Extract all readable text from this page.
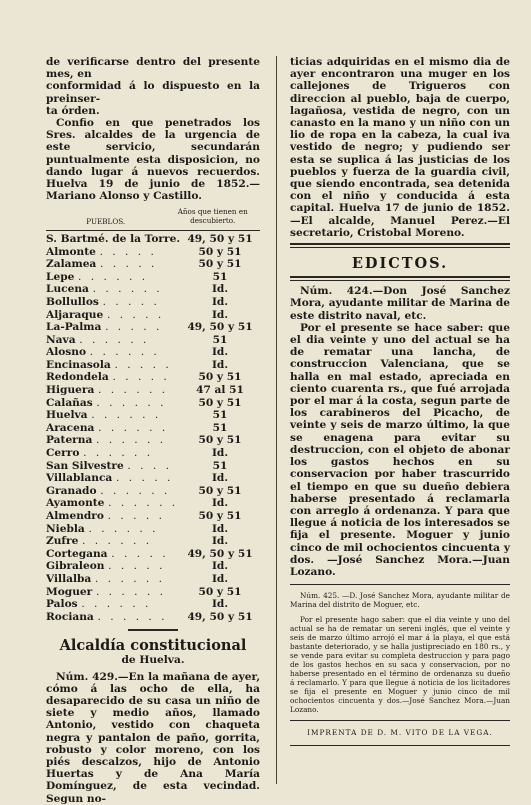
de verificarse dentro del presente mes, en

conformidad á lo dispuesto en la preinser-

ta órden.

Confio en que penetrados los Sres. alcaldes de la urgencia de este servicio, secundarán puntualmente esta disposicion, no dando lugar á nuevos recuerdos. Huelva 19 de junio de 1852.—Mariano Alonso y Castillo.

PUEBLOS.
Años que tienen en descubierto.
S. Bartmé. de la Torre.	49, 50 y 51
Almonte . . . . .	50 y 51
Zalamea . . . . .	50 y 51
Lepe . . . . . .	51
Lucena . . . . . .	Id.
Bollullos . . . . .	Id.
Aljaraque . . . . .	Id.
La-Palma . . . . .	49, 50 y 51
Nava . . . . . .	51
Alosno . . . . . .	Id.
Encinasola . . . . .	Id.
Redondela . . . . .	50 y 51
Higuera . . . . . .	47 al 51
Calañas . . . . . .	50 y 51
Huelva . . . . . .	51
Aracena . . . . . .	51
Paterna . . . . . .	50 y 51
Cerro . . . . . .	Id.
San Silvestre . . . .	51
Villablanca . . . . .	Id.
Granado . . . . . .	50 y 51
Ayamonte . . . . . .	Id.
Almendro . . . . .	50 y 51
Niebla . . . . . .	Id.
Zufre . . . . . .	Id.
Cortegana . . . . .	49, 50 y 51
Gibraleon . . . . .	Id.
Villalba . . . . . .	Id.
Moguer . . . . . .	50 y 51
Palos . . . . . .	Id.
Rociana . . . . . .	49, 50 y 51
Alcaldía constitucional
de Huelva.

Núm. 429.—En la mañana de ayer, cómo á las ocho de ella, ha desaparecido de su casa un niño de siete y medio años, llamado Antonio, vestido con chaqueta negra y pantalon de paño, gorrita, robusto y color moreno, con los piés descalzos, hijo de Antonio Huertas y de Ana María Domínguez, de esta vecindad. Segun no-

ticias adquiridas en el mismo dia de ayer encontraron una muger en los callejones de Trigueros con direccion al pueblo, baja de cuerpo, lagañosa, vestida de negro, con un canasto en la mano y un niño con un lio de ropa en la cabeza, la cual iva vestido de negro; y pudiendo ser esta se suplica á las justicias de los pueblos y fuerza de la guardia civil, que siendo encontrada, sea detenida con el niño y conducida á esta capital. Huelva 17 de junio de 1852.—El alcalde, Manuel Perez.—El secretario, Cristobal Moreno.

EDICTOS.

Núm. 424.—Don José Sanchez Mora, ayudante militar de Marina de este distrito naval, etc.

Por el presente se hace saber: que el dia veinte y uno del actual se ha de rematar una lancha, de construccion Valenciana, que se halla en mal estado, apreciada en ciento cuarenta rs., que fué arrojada por el mar á la costa, segun parte de los carabineros del Picacho, de veinte y seis de marzo último, la que se enagena para evitar su destruccion, con el objeto de abonar los gastos hechos en su conservacion por haber trascurrido el tiempo en que su dueño debiera haberse presentado á reclamarla con arreglo á ordenanza. Y para que llegue á noticia de los interesados se fija el presente. Moguer y junio cinco de mil ochocientos cincuenta y dos. —José Sanchez Mora.—Juan Lozano.

Núm. 425. —D. José Sanchez Mora, ayudante militar de Marina del distrito de Moguer, etc.

Por el presente hago saber: que el dia veinte y uno del actual se ha de rematar un sereni inglés, que el veinte y seis de marzo último arrojó el mar á la playa, el que está bastante deteriorado, y se halla justipreciado en 180 rs., y se vende para evitar su completa destruccion y para pago de los gastos hechos en su saca y conservacion, por no haberse presentado en el término de ordenanza su dueño á reclamarlo. Y para que llegue á noticia de los licitadores se fija el presente en Moguer y junio cinco de mil ochocientos cincuenta y dos.—José Sanchez Mora.—Juan Lozano.

IMPRENTA DE D. M. VITO DE LA VEGA.
